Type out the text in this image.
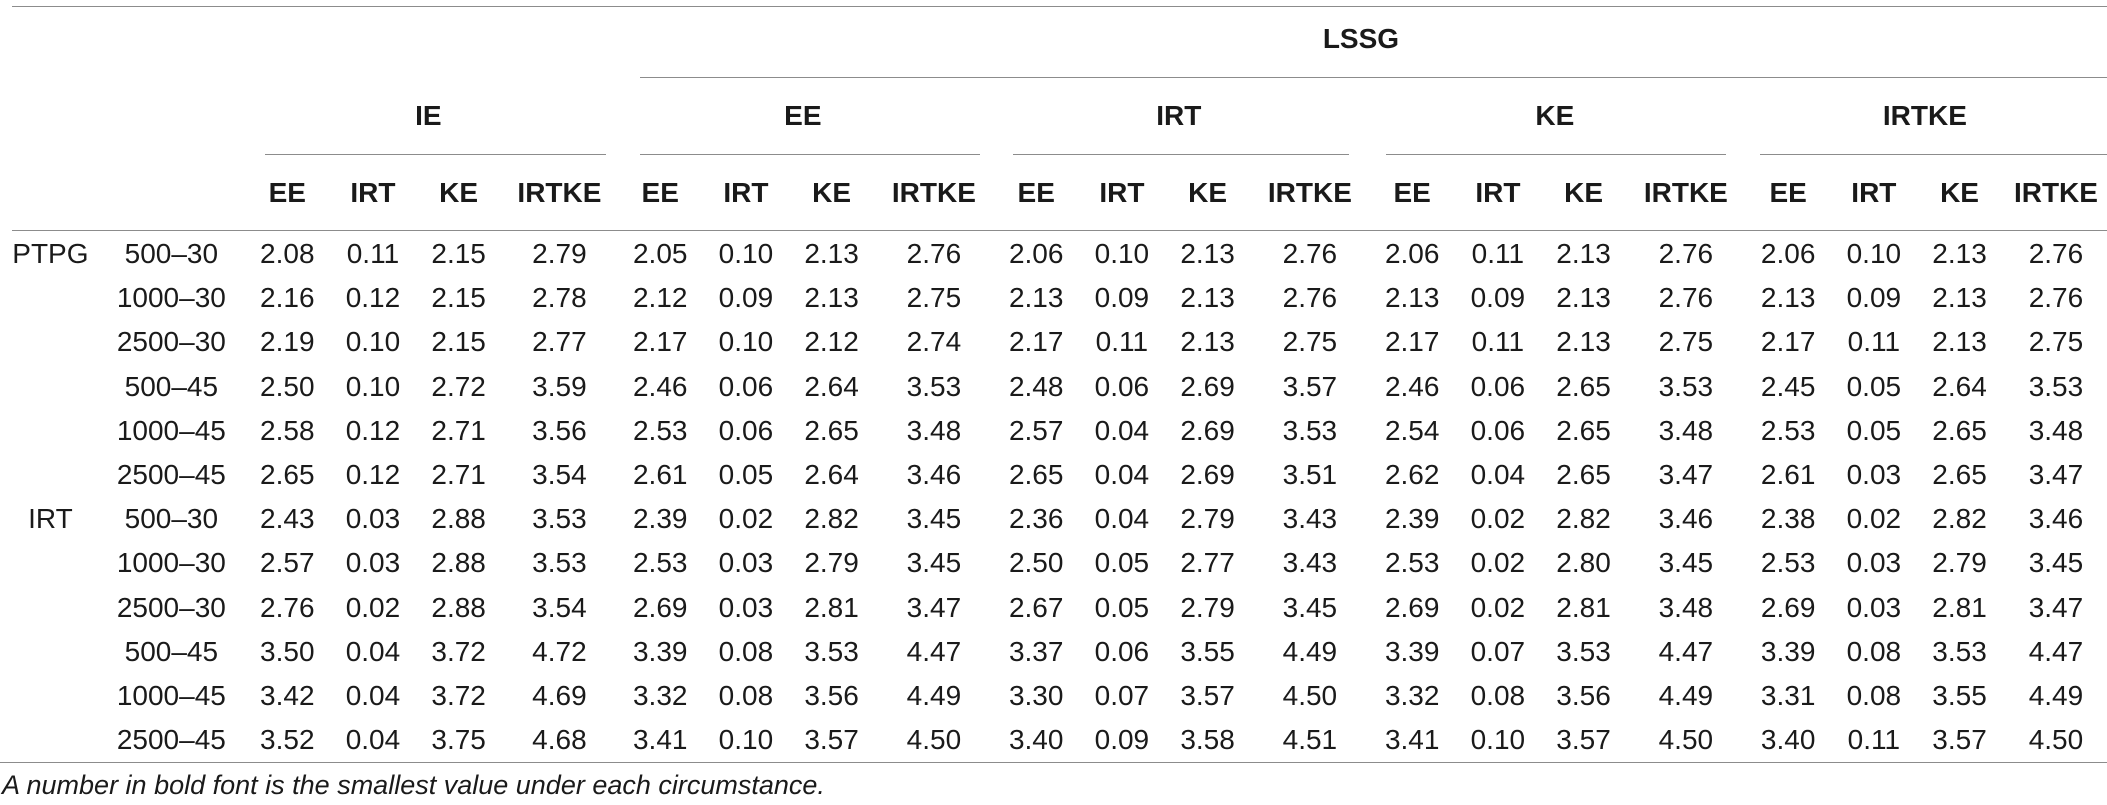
						LSSG															
		IE				EE				IRT				KE				IRTKE			
		EE	IRT	KE	IRTKE	EE	IRT	KE	IRTKE	EE	IRT	KE	IRTKE	EE	IRT	KE	IRTKE	EE	IRT	KE	IRTKE
PTPG	500–30	2.08	0.11	2.15	2.79	2.05	0.10	2.13	2.76	2.06	0.10	2.13	2.76	2.06	0.11	2.13	2.76	2.06	0.10	2.13	2.76
	1000–30	2.16	0.12	2.15	2.78	2.12	0.09	2.13	2.75	2.13	0.09	2.13	2.76	2.13	0.09	2.13	2.76	2.13	0.09	2.13	2.76
	2500–30	2.19	0.10	2.15	2.77	2.17	0.10	2.12	2.74	2.17	0.11	2.13	2.75	2.17	0.11	2.13	2.75	2.17	0.11	2.13	2.75
	500–45	2.50	0.10	2.72	3.59	2.46	0.06	2.64	3.53	2.48	0.06	2.69	3.57	2.46	0.06	2.65	3.53	2.45	0.05	2.64	3.53
	1000–45	2.58	0.12	2.71	3.56	2.53	0.06	2.65	3.48	2.57	0.04	2.69	3.53	2.54	0.06	2.65	3.48	2.53	0.05	2.65	3.48
	2500–45	2.65	0.12	2.71	3.54	2.61	0.05	2.64	3.46	2.65	0.04	2.69	3.51	2.62	0.04	2.65	3.47	2.61	0.03	2.65	3.47
IRT	500–30	2.43	0.03	2.88	3.53	2.39	0.02	2.82	3.45	2.36	0.04	2.79	3.43	2.39	0.02	2.82	3.46	2.38	0.02	2.82	3.46
	1000–30	2.57	0.03	2.88	3.53	2.53	0.03	2.79	3.45	2.50	0.05	2.77	3.43	2.53	0.02	2.80	3.45	2.53	0.03	2.79	3.45
	2500–30	2.76	0.02	2.88	3.54	2.69	0.03	2.81	3.47	2.67	0.05	2.79	3.45	2.69	0.02	2.81	3.48	2.69	0.03	2.81	3.47
	500–45	3.50	0.04	3.72	4.72	3.39	0.08	3.53	4.47	3.37	0.06	3.55	4.49	3.39	0.07	3.53	4.47	3.39	0.08	3.53	4.47
	1000–45	3.42	0.04	3.72	4.69	3.32	0.08	3.56	4.49	3.30	0.07	3.57	4.50	3.32	0.08	3.56	4.49	3.31	0.08	3.55	4.49
	2500–45	3.52	0.04	3.75	4.68	3.41	0.10	3.57	4.50	3.40	0.09	3.58	4.51	3.41	0.10	3.57	4.50	3.40	0.11	3.57	4.50
A number in bold font is the smallest value under each circumstance.
